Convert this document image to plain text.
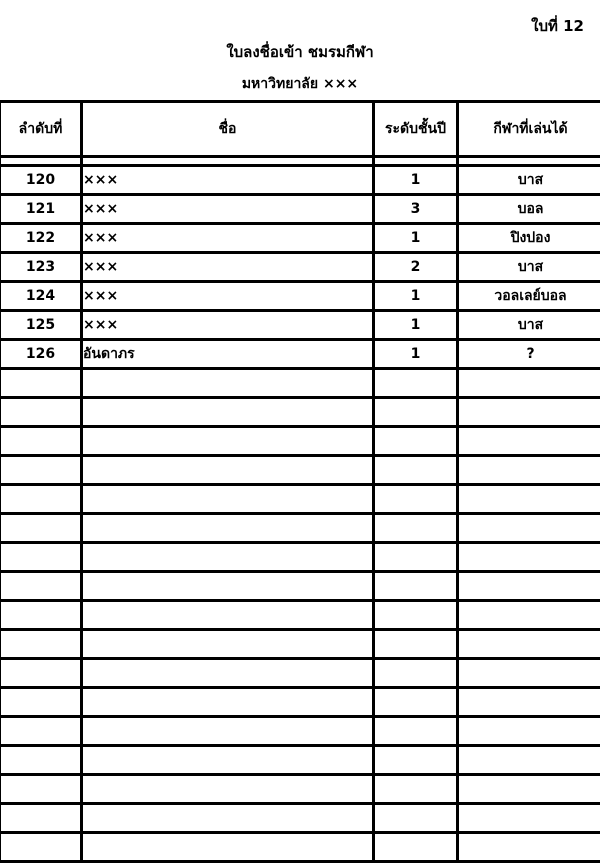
ใบที่ 12
ใบลงชื่อเข้า ชมรมกีฬา
มหาวิทยาลัย ×××
ลำดับที่	ชื่อ	ระดับชั้นปี	กีฬาที่เล่นได้

120	×××	1	บาส
121	×××	3	บอล
122	×××	1	ปิงปอง
123	×××	2	บาส
124	×××	1	วอลเลย์บอล
125	×××	1	บาส
126	อันดาภร	1	?
